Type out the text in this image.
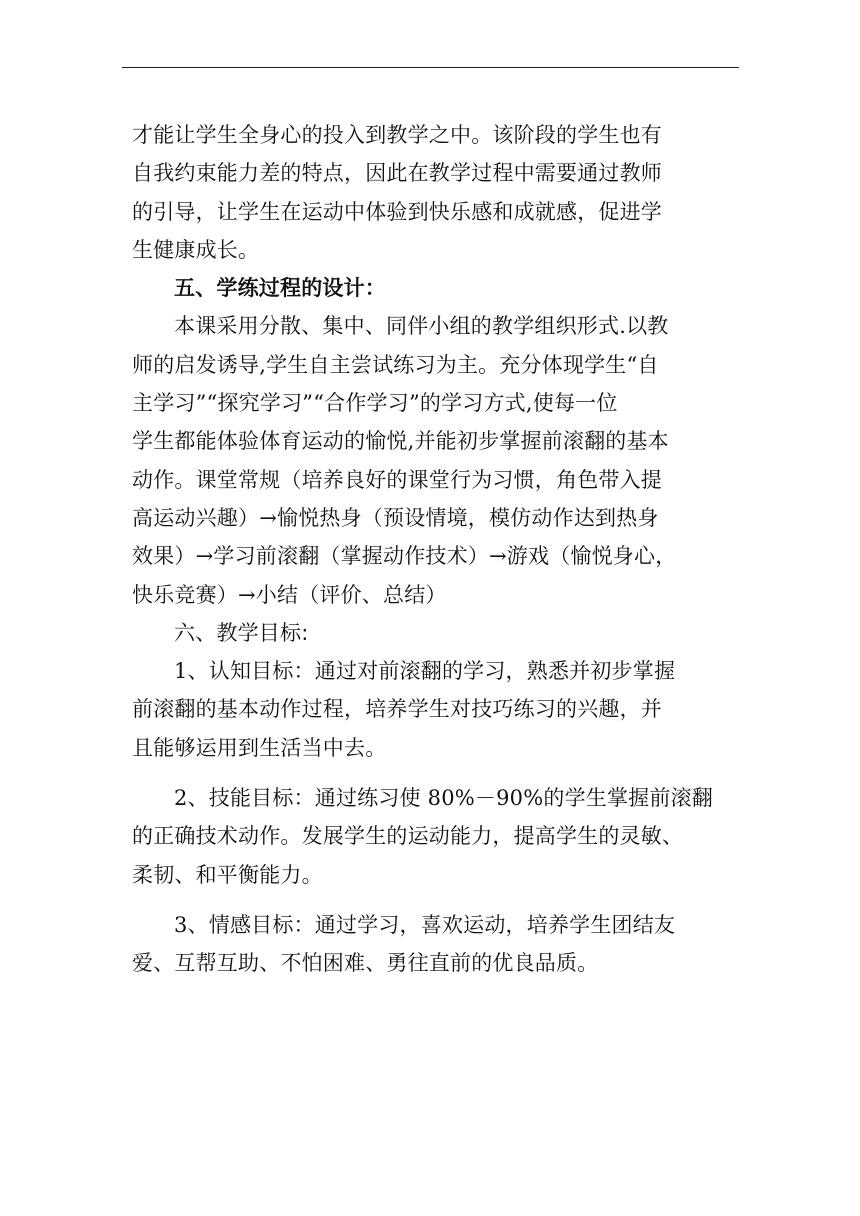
才能让学生全身心的投入到教学之中。该阶段的学生也有
自我约束能力差的特点，因此在教学过程中需要通过教师
的引导，让学生在运动中体验到快乐感和成就感，促进学
生健康成长。
五、学练过程的设计：
本课采用分散、集中、同伴小组的教学组织形式.以教
师的启发诱导,学生自主尝试练习为主。充分体现学生“自
主学习”“探究学习”“合作学习”的学习方式,使每一位
学生都能体验体育运动的愉悦,并能初步掌握前滚翻的基本
动作。课堂常规（培养良好的课堂行为习惯，角色带入提
高运动兴趣）→愉悦热身（预设情境，模仿动作达到热身
效果）→学习前滚翻（掌握动作技术）→游戏（愉悦身心，
快乐竞赛）→小结（评价、总结）
六、教学目标:
1、认知目标：通过对前滚翻的学习，熟悉并初步掌握
前滚翻的基本动作过程，培养学生对技巧练习的兴趣，并
且能够运用到生活当中去。
2、技能目标：通过练习使 80%－90%的学生掌握前滚翻
的正确技术动作。发展学生的运动能力，提高学生的灵敏、
柔韧、和平衡能力。
3、情感目标：通过学习，喜欢运动，培养学生团结友
爱、互帮互助、不怕困难、勇往直前的优良品质。
